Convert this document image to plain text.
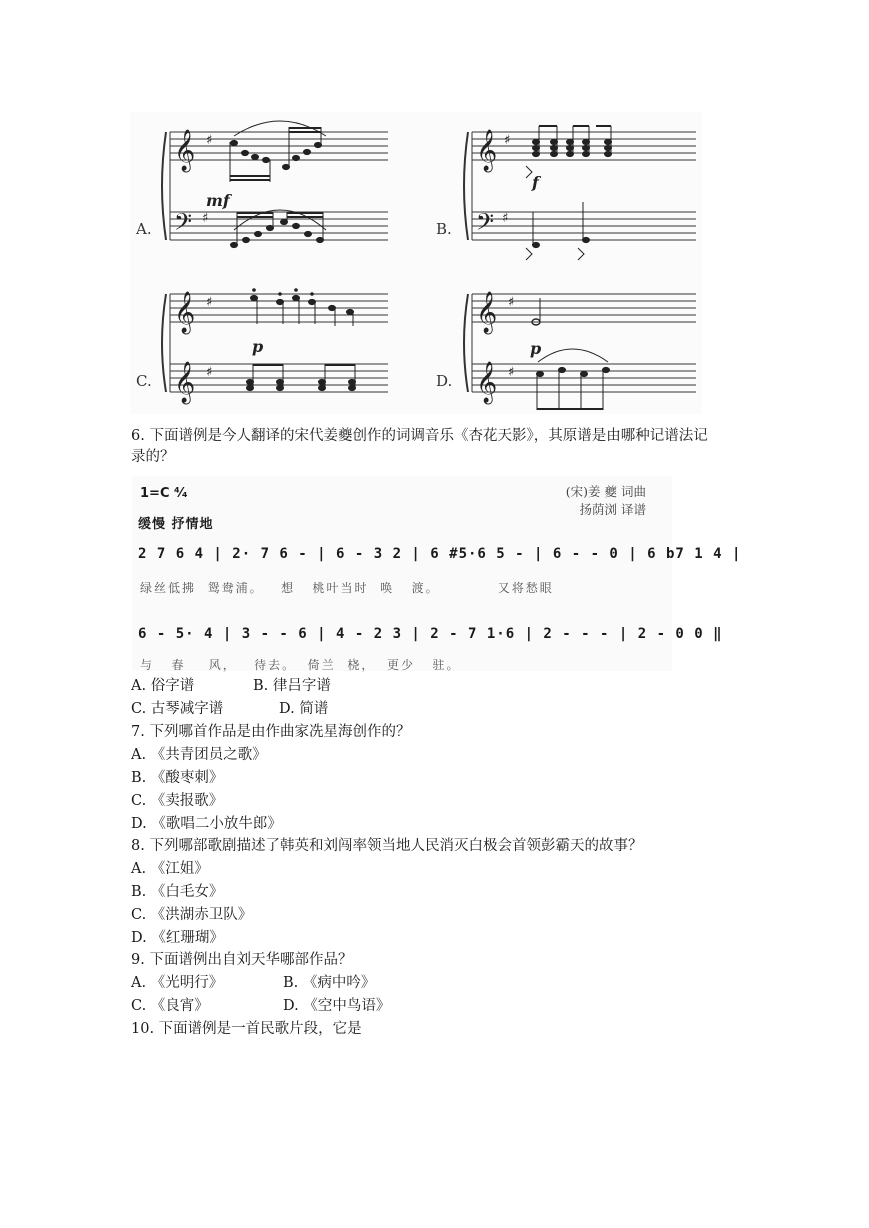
𝄞
𝄢
𝄞
𝄢
𝄞
𝄞
𝄞
𝄞
♯
♯
♯
♯
♯
♯
♯
♯
A.	B.
C.	D.
mf
f
p	p
6. 下面谱例是今人翻译的宋代姜夔创作的词调音乐《杏花天影》，其原谱是由哪种记谱法记
录的？
1=C ⁴⁄₄
缓慢 抒情地
(宋)姜 夔 词曲
扬荫浏 译谱
2 7 6 4 | 2· 7 6 - | 6 - 3 2 | 6 #5·6 5 - | 6 - - 0 | 6 b7 1 4 |
绿丝低拂  鸳鸯浦。   想   桃叶当时  唤   渡。          又将愁眼
6 - 5· 4 | 3 - - 6 | 4 - 2 3 | 2 - 7 1·6 | 2 - - - | 2 - 0 0 ‖
与   春    风，   待去。  倚兰  桡，  更少   驻。
A. 俗字谱	B. 律吕字谱
C. 古琴减字谱	D. 简谱
7. 下列哪首作品是由作曲家冼星海创作的？
A. 《共青团员之歌》
B. 《酸枣刺》
C. 《卖报歌》
D. 《歌唱二小放牛郎》
8. 下列哪部歌剧描述了韩英和刘闯率领当地人民消灭白极会首领彭霸天的故事？
A. 《江姐》
B. 《白毛女》
C. 《洪湖赤卫队》
D. 《红珊瑚》
9. 下面谱例出自刘天华哪部作品？
A. 《光明行》	B. 《病中吟》
C. 《良宵》	D. 《空中鸟语》
10. 下面谱例是一首民歌片段，它是
